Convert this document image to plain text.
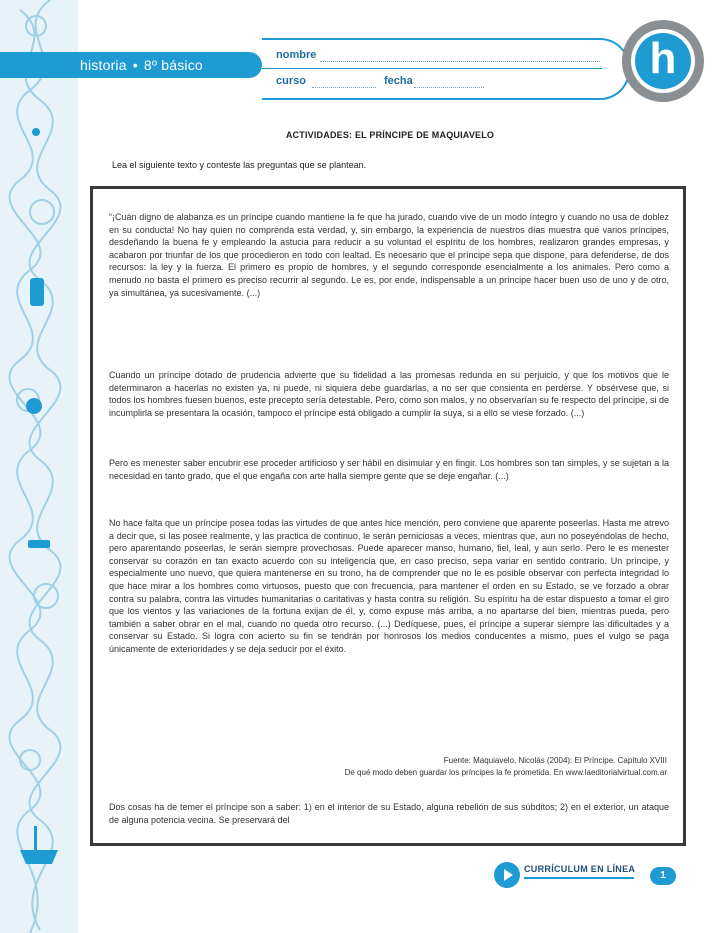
historia • 8º básico
nombre
curso	fecha	h
ACTIVIDADES: EL PRÍNCIPE DE MAQUIAVELO
Lea el siguiente texto y conteste las preguntas que se plantean.

“¡Cuán digno de alabanza es un príncipe cuando mantiene la fe que ha jurado, cuando vive de un modo íntegro y cuando no usa de doblez en su conducta! No hay quien no comprenda esta verdad, y, sin embargo, la experiencia de nuestros días muestra que varios príncipes, desdeñando la buena fe y empleando la astucia para reducir a su voluntad el espíritu de los hombres, realizaron grandes empresas, y acabaron por triunfar de los que procedieron en todo con lealtad. Es necesario que el príncipe sepa que dispone, para defenderse, de dos recursos: la ley y la fuerza. El primero es propio de hombres, y el segundo corresponde esencialmente a los animales. Pero como a menudo no basta el primero es preciso recurrir al segundo. Le es, por ende, indispensable a un príncipe hacer buen uso de uno y de otro, ya simultánea, ya sucesivamente. (...)

Cuando un príncipe dotado de prudencia advierte que su fidelidad a las promesas redunda en su perjuicio, y que los motivos que le determinaron a hacerlas no existen ya, ni puede, ni siquiera debe guardarlas, a no ser que consienta en perderse. Y obsérvese que, si todos los hombres fuesen buenos, este precepto sería detestable. Pero, como son malos, y no observarían su fe respecto del príncipe, si de incumplirla se presentara la ocasión, tampoco el príncipe está obligado a cumplir la suya, si a ello se viese forzado. (...)

Pero es menester saber encubrir ese proceder artificioso y ser hábil en disimular y en fingir. Los hombres son tan simples, y se sujetan a la necesidad en tanto grado, que el que engaña con arte halla siempre gente que se deje engañar. (...)

No hace falta que un príncipe posea todas las virtudes de que antes hice mención, pero conviene que aparente poseerlas. Hasta me atrevo a decir que, si las posee realmente, y las practica de continuo, le serán perniciosas a veces, mientras que, aun no poseyéndolas de hecho, pero aparentando poseerlas, le serán siempre provechosas. Puede aparecer manso, humano, fiel, leal, y aun serlo. Pero le es menester conservar su corazón en tan exacto acuerdo con su inteligencia que, en caso preciso, sepa variar en sentido contrario. Un príncipe, y especialmente uno nuevo, que quiera mantenerse en su trono, ha de comprender que no le es posible observar con perfecta integridad lo que hace mirar a los hombres como virtuosos, puesto que con frecuencia, para mantener el orden en su Estado, se ve forzado a obrar contra su palabra, contra las virtudes humanitarias o caritativas y hasta contra su religión. Su espíritu ha de estar dispuesto a tomar el giro que los vientos y las variaciones de la fortuna exijan de él, y, como expuse más arriba, a no apartarse del bien, mientras pueda, pero también a saber obrar en el mal, cuando no queda otro recurso. (...) Dedíquese, pues, el príncipe a superar siempre las dificultades y a conservar su Estado. Si logra con acierto su fin se tendrán por honrosos los medios conducentes a mismo, pues el vulgo se paga únicamente de exterioridades y se deja seducir por el éxito.

Fuente: Maquiavelo, Nicolás (2004): El Príncipe. Capítulo XVIII
De qué modo deben guardar los príncipes la fe prometida. En www.laeditorialvirtual.com.ar

Dos cosas ha de temer el príncipe son a saber: 1) en el interior de su Estado, alguna rebelión de sus súbditos; 2) en el exterior, un ataque de alguna potencia vecina. Se preservará del

CURRÍCULUM EN LÍNEA
1
